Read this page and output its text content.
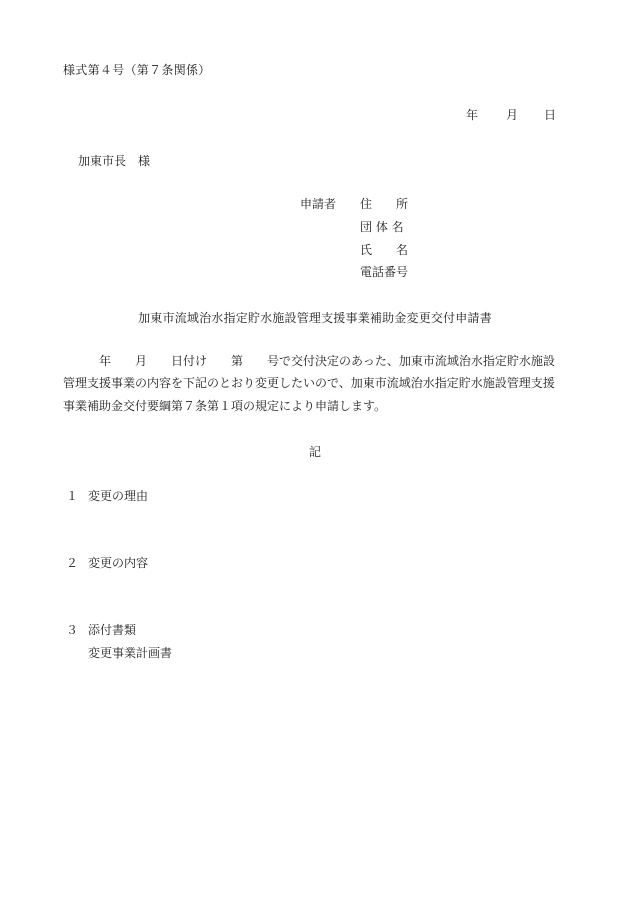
様式第４号（第７条関係）
年 月 日
加東市長　様
申請者 住　　所
団 体 名
氏　　名
電話番号
加東市流域治水指定貯水施設管理支援事業補助金変更交付申請書
　　　年　　月　　日付け　　第　　号で交付決定のあった、加東市流域治水指定貯水施設
管理支援事業の内容を下記のとおり変更したいので、加東市流域治水指定貯水施設管理支援
事業補助金交付要綱第７条第１項の規定により申請します。
記
１ 変更の理由
２ 変更の内容
３ 添付書類
変更事業計画書
